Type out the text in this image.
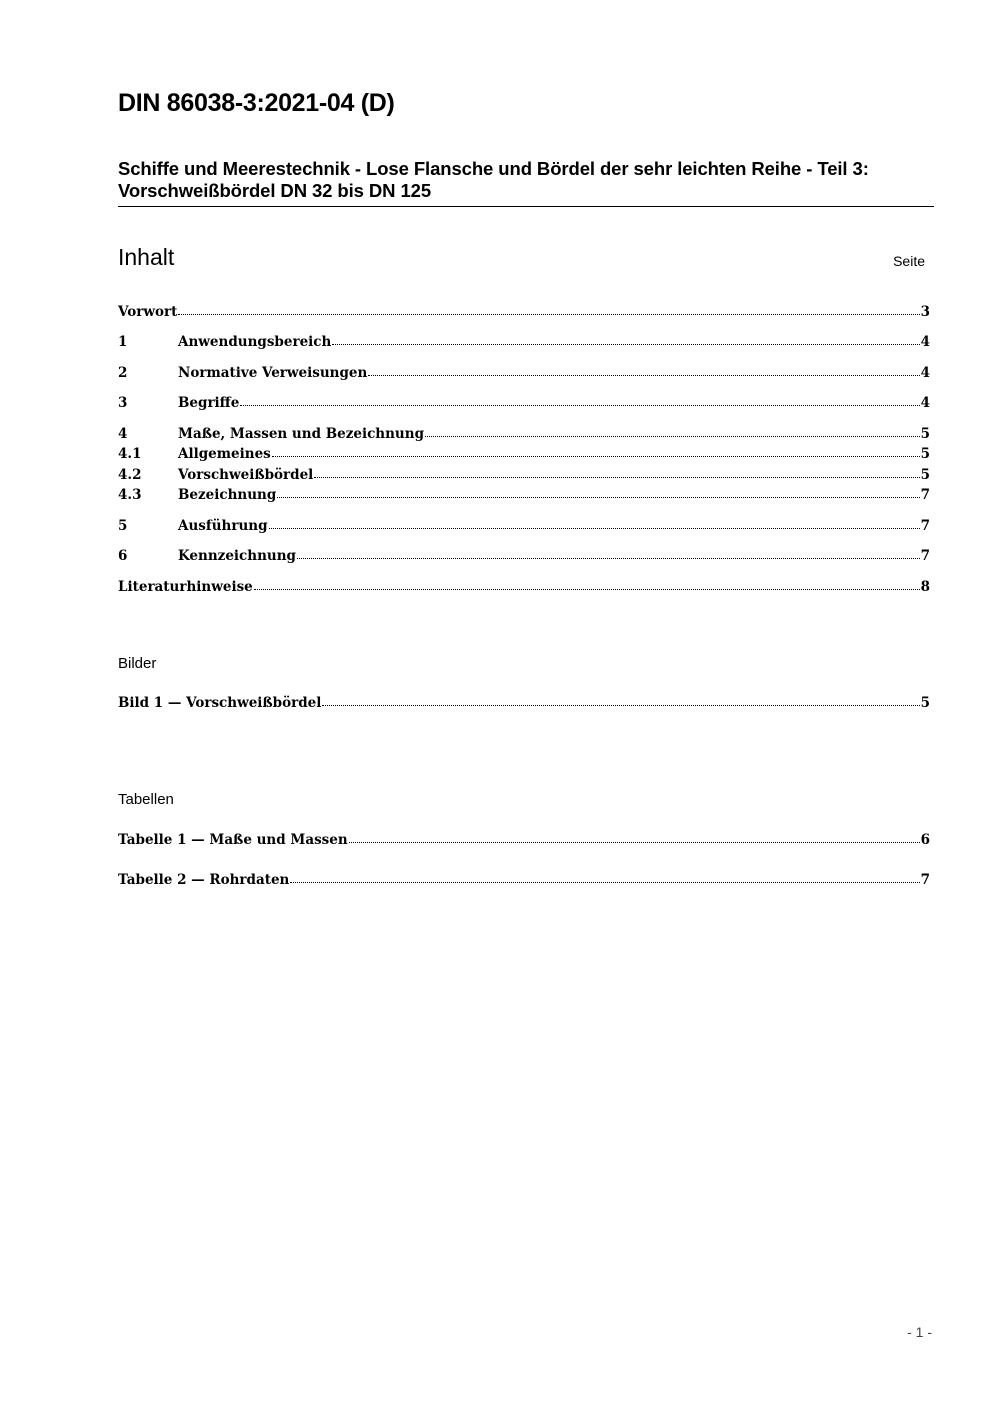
DIN 86038-3:2021-04 (D)
Schiffe und Meerestechnik - Lose Flansche und Bördel der sehr leichten Reihe - Teil 3: Vorschweißbördel DN 32 bis DN 125
Inhalt	Seite
Vorwort	3
1	Anwendungsbereich	4
2	Normative Verweisungen	4
3	Begriffe	4
4	Maße, Massen und Bezeichnung	5
4.1	Allgemeines	5
4.2	Vorschweißbördel	5
4.3	Bezeichnung	7
5	Ausführung	7
6	Kennzeichnung	7
Literaturhinweise	8
Bilder
Bild 1 — Vorschweißbördel	5
Tabellen
Tabelle 1 — Maße und Massen	6
Tabelle 2 — Rohrdaten	7
- 1 -
